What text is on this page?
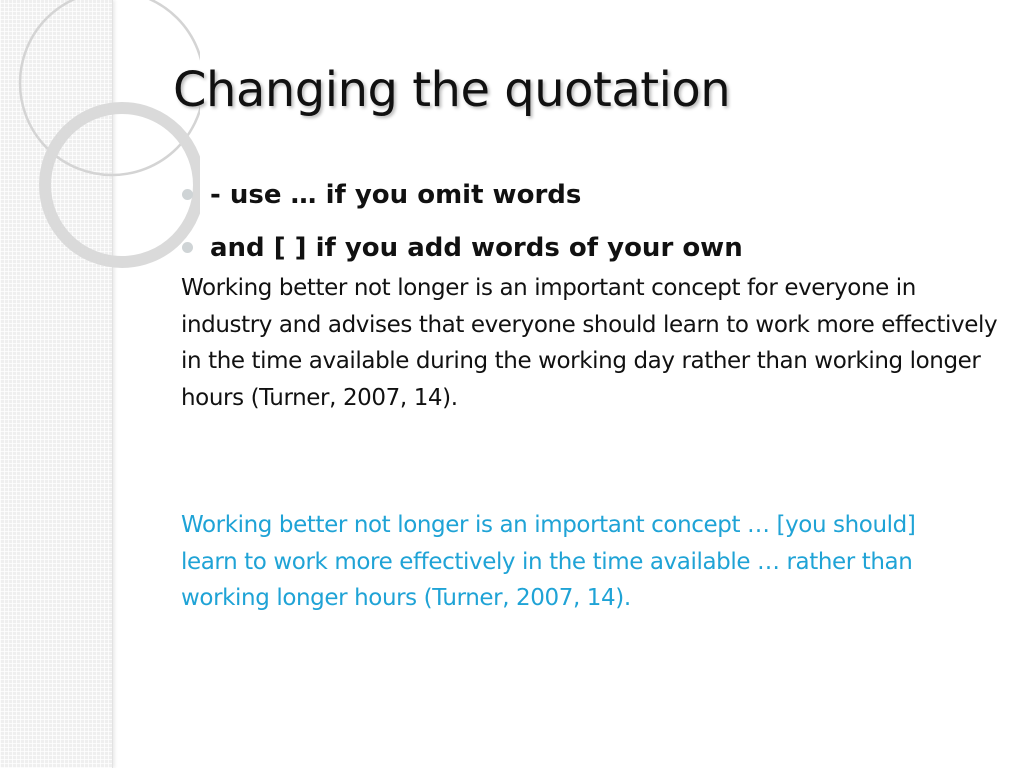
Changing the quotation
- use … if you omit words
and [ ] if you add words of your own

Working better not longer is an important concept for everyone in industry and advises that everyone should learn to work more effectively in the time available during the working day rather than working longer hours (Turner, 2007, 14).

Working better not longer is an important concept … [you should] learn to work more effectively in the time available … rather than working longer hours (Turner, 2007, 14).
